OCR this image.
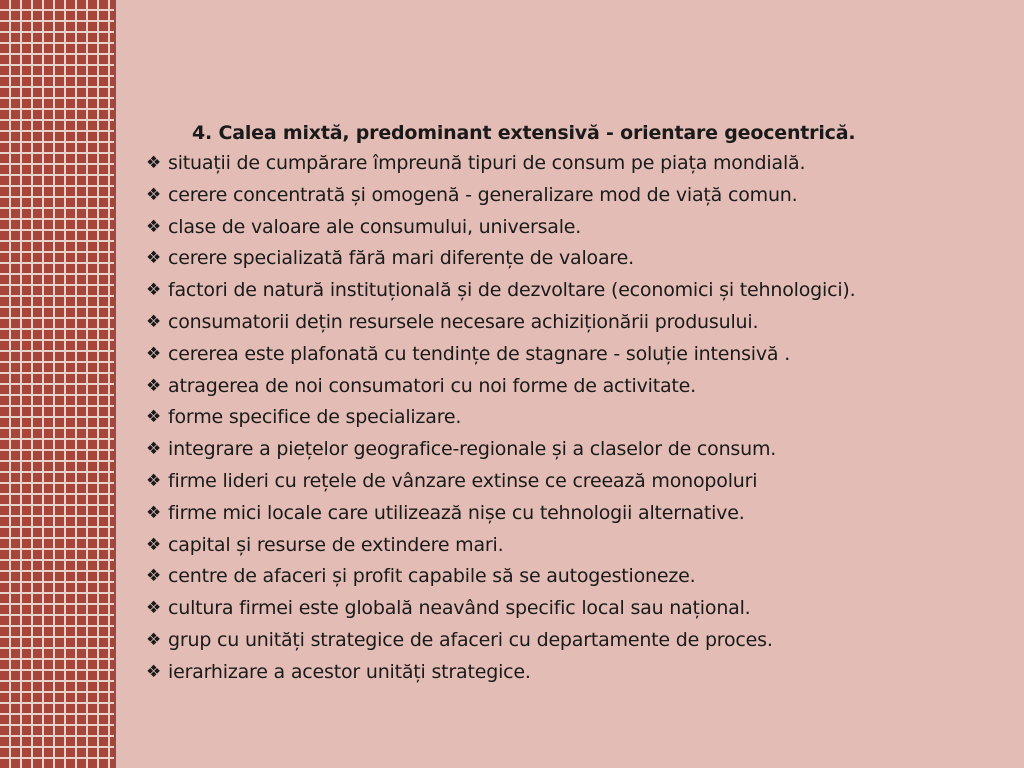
4. Calea mixtă, predominant extensivă - orientare geocentrică.

❖ situații de cumpărare împreună tipuri de consum pe piața mondială.
❖ cerere concentrată și omogenă - generalizare mod de viață comun.
❖ clase de valoare ale consumului, universale.
❖ cerere specializată fără mari diferențe de valoare.
❖ factori de natură instituțională și de dezvoltare (economici și tehnologici).
❖ consumatorii dețin resursele necesare achiziționării produsului.
❖ cererea este plafonată cu tendințe de stagnare - soluție intensivă .
❖ atragerea de noi consumatori cu noi forme de activitate.
❖ forme specifice de specializare.
❖ integrare a piețelor geografice-regionale și a claselor de consum.
❖ firme lideri cu rețele de vânzare extinse ce creează monopoluri
❖ firme mici locale care utilizează nișe cu tehnologii alternative.
❖ capital și resurse de extindere mari.
❖ centre de afaceri și profit capabile să se autogestioneze.
❖ cultura firmei este globală neavând specific local sau național.
❖ grup cu unități strategice de afaceri cu departamente de proces.
❖ ierarhizare a acestor unități strategice.
